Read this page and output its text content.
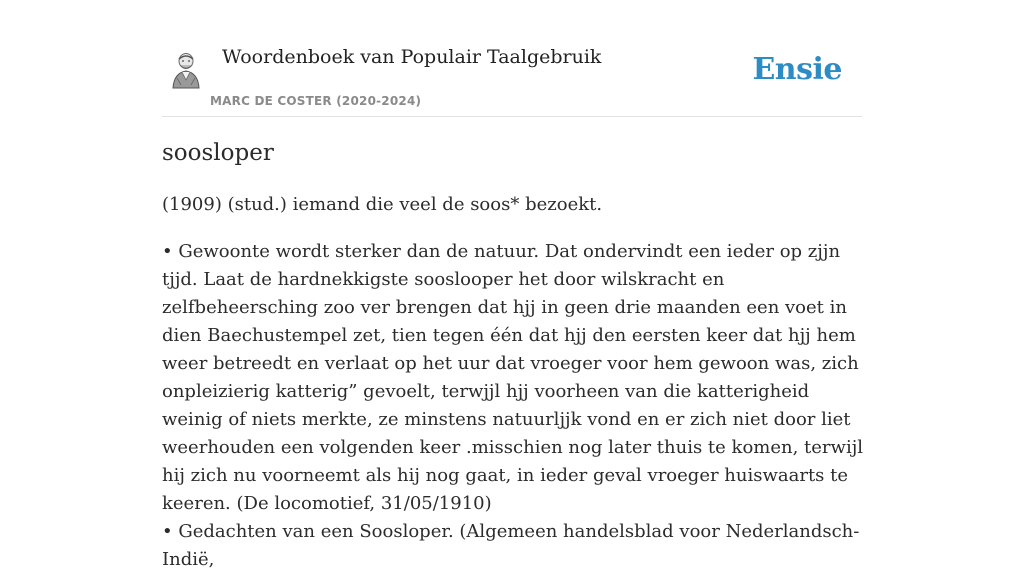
Woordenboek van Populair Taalgebruik
MARC DE COSTER (2020-2024)
Ensie
soosloper
(1909) (stud.) iemand die veel de soos* bezoekt.

• Gewoonte wordt sterker dan de natuur. Dat ondervindt een ieder op zjjn tjjd. Laat de hardnekkigste sooslooper het door wilskracht en zelfbeheersching zoo ver brengen dat hjj in geen drie maanden een voet in dien Baechustempel zet, tien tegen één dat hjj den eersten keer dat hjj hem weer betreedt en verlaat op het uur dat vroeger voor hem gewoon was, zich onpleizierig katterig” gevoelt, terwjjl hjj voorheen van die katterigheid weinig of niets merkte, ze minstens natuurljjk vond en er zich niet door liet weerhouden een volgenden keer .misschien nog later thuis te komen, terwijl hij zich nu voorneemt als hij nog gaat, in ieder geval vroeger huiswaarts te keeren. (De locomotief, 31/05/1910)

• Gedachten van een Soosloper. (Algemeen handelsblad voor Nederlandsch-Indië,
